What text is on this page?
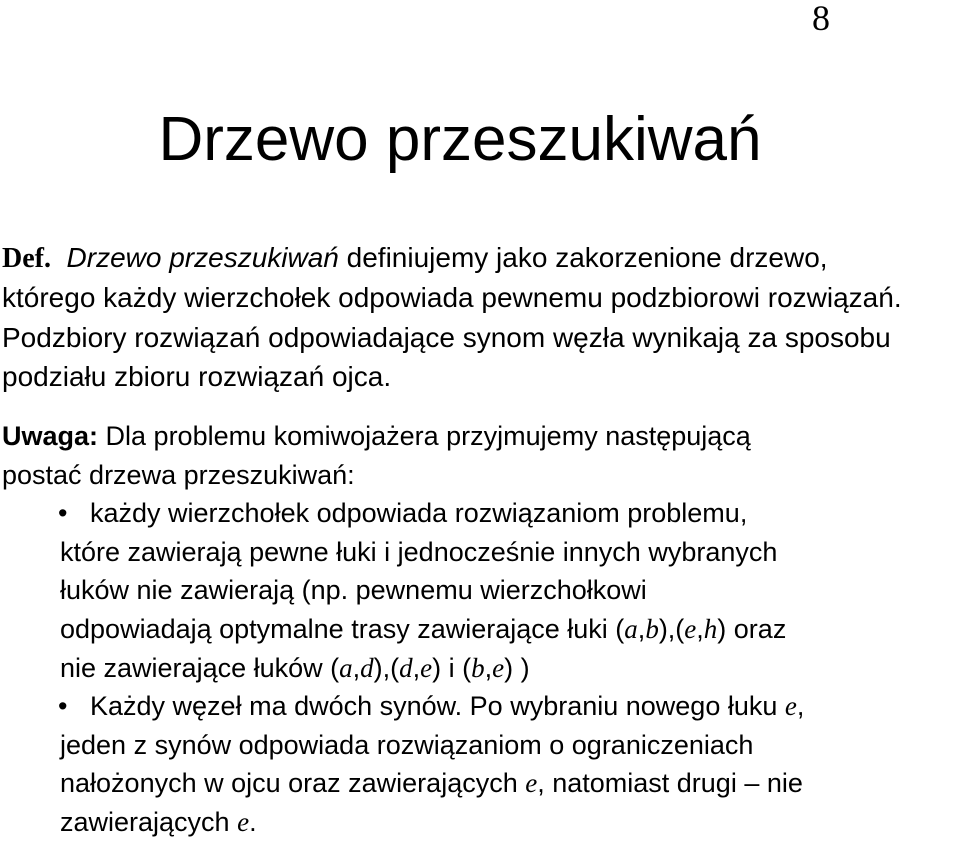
8
Drzewo przeszukiwań
Def. Drzewo przeszukiwań definiujemy jako zakorzenione drzewo,
którego każdy wierzchołek odpowiada pewnemu podzbiorowi rozwiązań.
Podzbiory rozwiązań odpowiadające synom węzła wynikają za sposobu
podziału zbioru rozwiązań ojca.
Uwaga: Dla problemu komiwojażera przyjmujemy następującą
postać drzewa przeszukiwań:
• każdy wierzchołek odpowiada rozwiązaniom problemu,
które zawierają pewne łuki i jednocześnie innych wybranych
łuków nie zawierają (np. pewnemu wierzchołkowi
odpowiadają optymalne trasy zawierające łuki (a,b),(e,h) oraz
nie zawierające łuków (a,d),(d,e) i (b,e) )
• Każdy węzeł ma dwóch synów. Po wybraniu nowego łuku e,
jeden z synów odpowiada rozwiązaniom o ograniczeniach
nałożonych w ojcu oraz zawierających e, natomiast drugi – nie
zawierających e.
